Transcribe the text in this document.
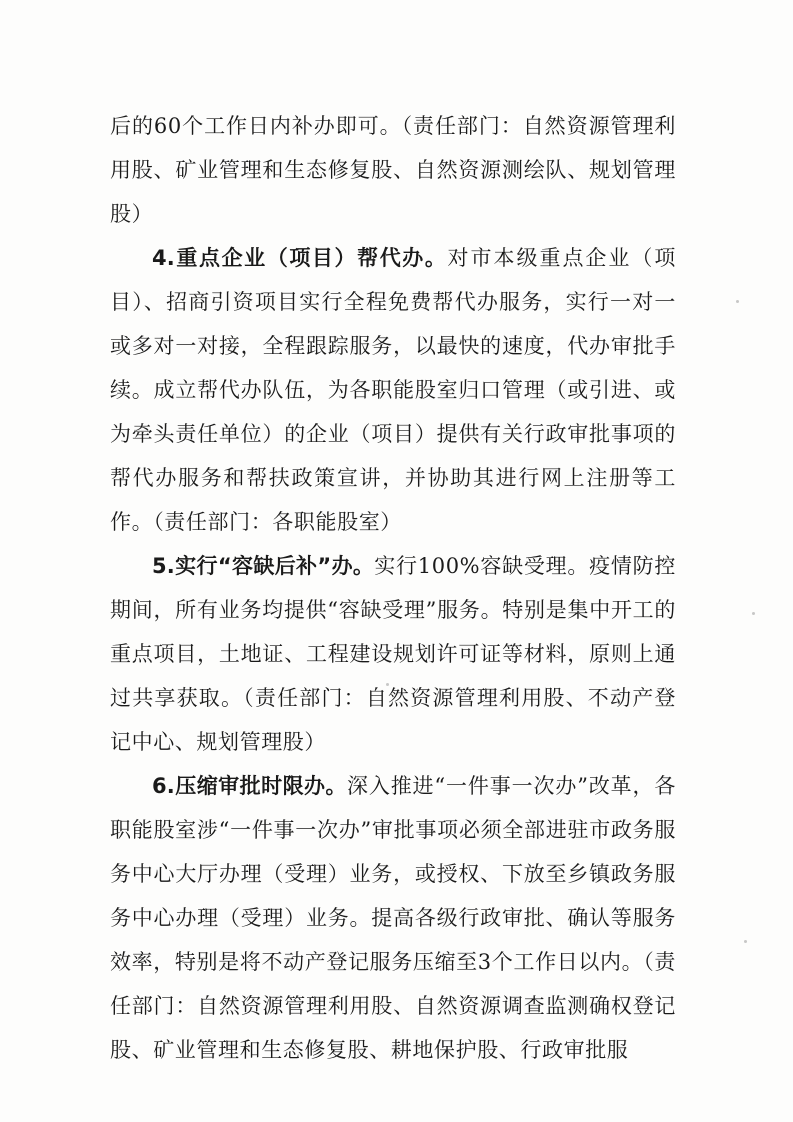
后的60个工作日内补办即可。（责任部门：自然资源管理利用股、矿业管理和生态修复股、自然资源测绘队、规划管理股）

4.重点企业（项目）帮代办。对市本级重点企业（项目）、招商引资项目实行全程免费帮代办服务，实行一对一或多对一对接，全程跟踪服务，以最快的速度，代办审批手续。成立帮代办队伍，为各职能股室归口管理（或引进、或为牵头责任单位）的企业（项目）提供有关行政审批事项的帮代办服务和帮扶政策宣讲，并协助其进行网上注册等工作。（责任部门：各职能股室）

5.实行“容缺后补”办。实行100%容缺受理。疫情防控期间，所有业务均提供“容缺受理”服务。特别是集中开工的重点项目，土地证、工程建设规划许可证等材料，原则上通过共享获取。（责任部门：自然资源管理利用股、不动产登记中心、规划管理股）

6.压缩审批时限办。深入推进“一件事一次办”改革，各职能股室涉“一件事一次办”审批事项必须全部进驻市政务服务中心大厅办理（受理）业务，或授权、下放至乡镇政务服务中心办理（受理）业务。提高各级行政审批、确认等服务效率，特别是将不动产登记服务压缩至3个工作日以内。（责任部门：自然资源管理利用股、自然资源调查监测确权登记股、矿业管理和生态修复股、耕地保护股、行政审批服
